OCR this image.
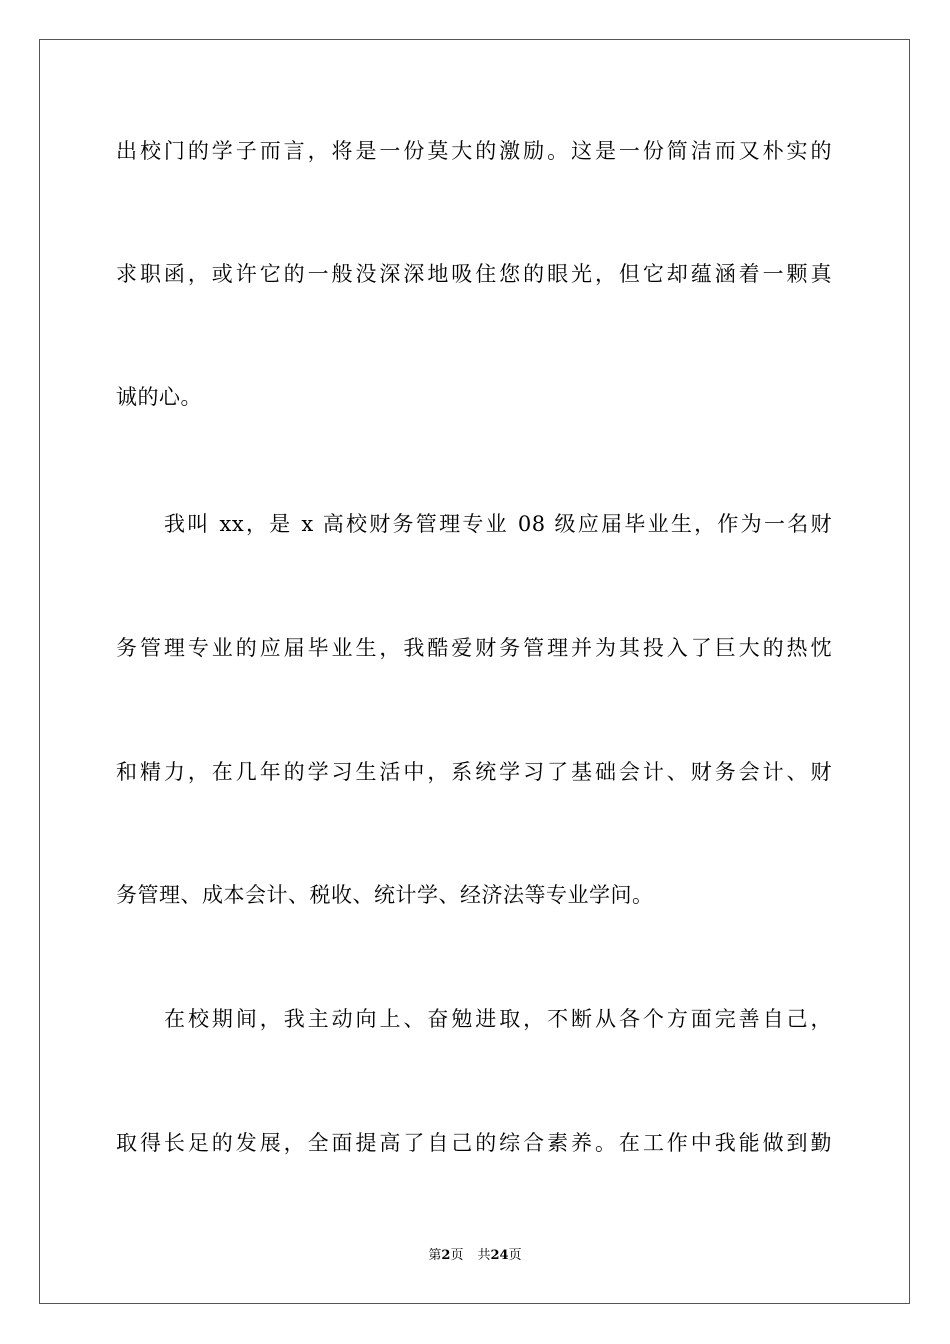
出校门的学子而言，将是一份莫大的激励。这是一份简洁而又朴实的
求职函，或许它的一般没深深地吸住您的眼光，但它却蕴涵着一颗真
诚的心。
我叫 xx，是 x 高校财务管理专业 08 级应届毕业生，作为一名财
务管理专业的应届毕业生，我酷爱财务管理并为其投入了巨大的热忱
和精力，在几年的学习生活中，系统学习了基础会计、财务会计、财
务管理、成本会计、税收、统计学、经济法等专业学问。
在校期间，我主动向上、奋勉进取，不断从各个方面完善自己，
取得长足的发展，全面提高了自己的综合素养。在工作中我能做到勤
第2页 共24页
